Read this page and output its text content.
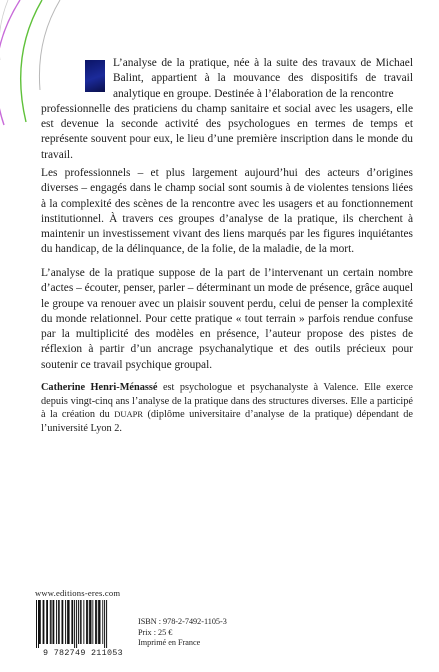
L’analyse de la pratique, née à la suite des travaux de Michael Balint, appartient à la mouvance des dispositifs de travail analytique en groupe. Destinée à l’élaboration de la rencontre
professionnelle des praticiens du champ sanitaire et social avec les usagers, elle est devenue la seconde activité des psychologues en termes de temps et représente souvent pour eux, le lieu d’une première inscription dans le monde du travail.

Les professionnels – et plus largement aujourd’hui des acteurs d’origines diverses – engagés dans le champ social sont soumis à de violentes tensions liées à la complexité des scènes de la rencontre avec les usagers et au fonctionnement institutionnel. À travers ces groupes d’analyse de la pratique, ils cherchent à maintenir un investissement vivant des liens marqués par les figures inquiétantes du handicap, de la délinquance, de la folie, de la maladie, de la mort.

L’analyse de la pratique suppose de la part de l’intervenant un certain nombre d’actes – écouter, penser, parler – déterminant un mode de présence, grâce auquel le groupe va renouer avec un plaisir souvent perdu, celui de penser la complexité du monde relationnel. Pour cette pratique « tout terrain » parfois rendue confuse par la multiplicité des modèles en présence, l’auteur propose des pistes de réflexion à partir d’un ancrage psychanalytique et des outils précieux pour soutenir ce travail psychique groupal.

Catherine Henri-Ménassé est psychologue et psychanalyste à Valence. Elle exerce depuis vingt-cinq ans l’analyse de la pratique dans des structures diverses. Elle a participé à la création du DUAPR (diplôme universitaire d’analyse de la pratique) dépendant de l’université Lyon 2.

www.editions-eres.com
9 782749 211053
ISBN : 978-2-7492-1105-3
Prix : 25 €
Imprimé en France
